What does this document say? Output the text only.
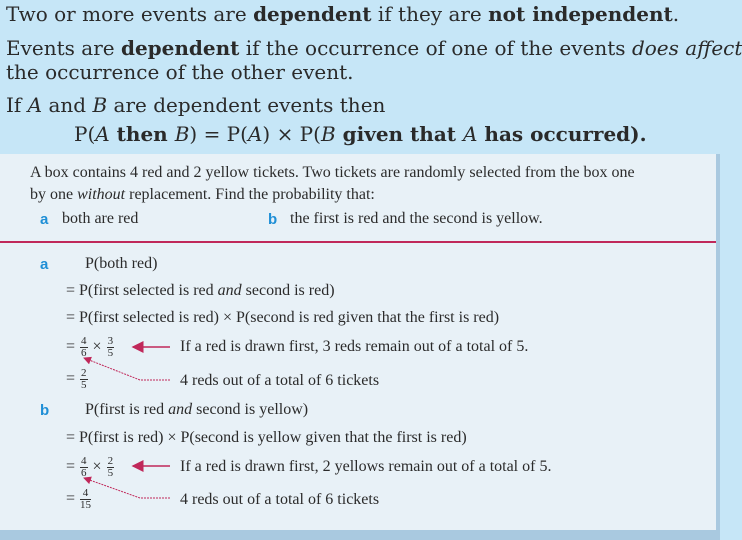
Two or more events are dependent if they are not independent.
Events are dependent if the occurrence of one of the events does affect
the occurrence of the other event.
If A and B are dependent events then
P(A then B) = P(A) × P(B given that A has occurred).
A box contains 4 red and 2 yellow tickets. Two tickets are randomly selected from the box one
by one without replacement. Find the probability that:
a both are red	b the first is red and the second is yellow.
a P(both red)
= P(first selected is red and second is red)
= P(first selected is red) × P(second is red given that the first is red)
= $\frac{4}{6} \times \frac{3}{5}$
= $\frac{2}{5}$
If a red is drawn first, 3 reds remain out of a total of 5.
4 reds out of a total of 6 tickets
b P(first is red and second is yellow)
= P(first is red) × P(second is yellow given that the first is red)
= $\frac{4}{6} \times \frac{2}{5}$
= $\frac{4}{15}$
If a red is drawn first, 2 yellows remain out of a total of 5.
4 reds out of a total of 6 tickets
